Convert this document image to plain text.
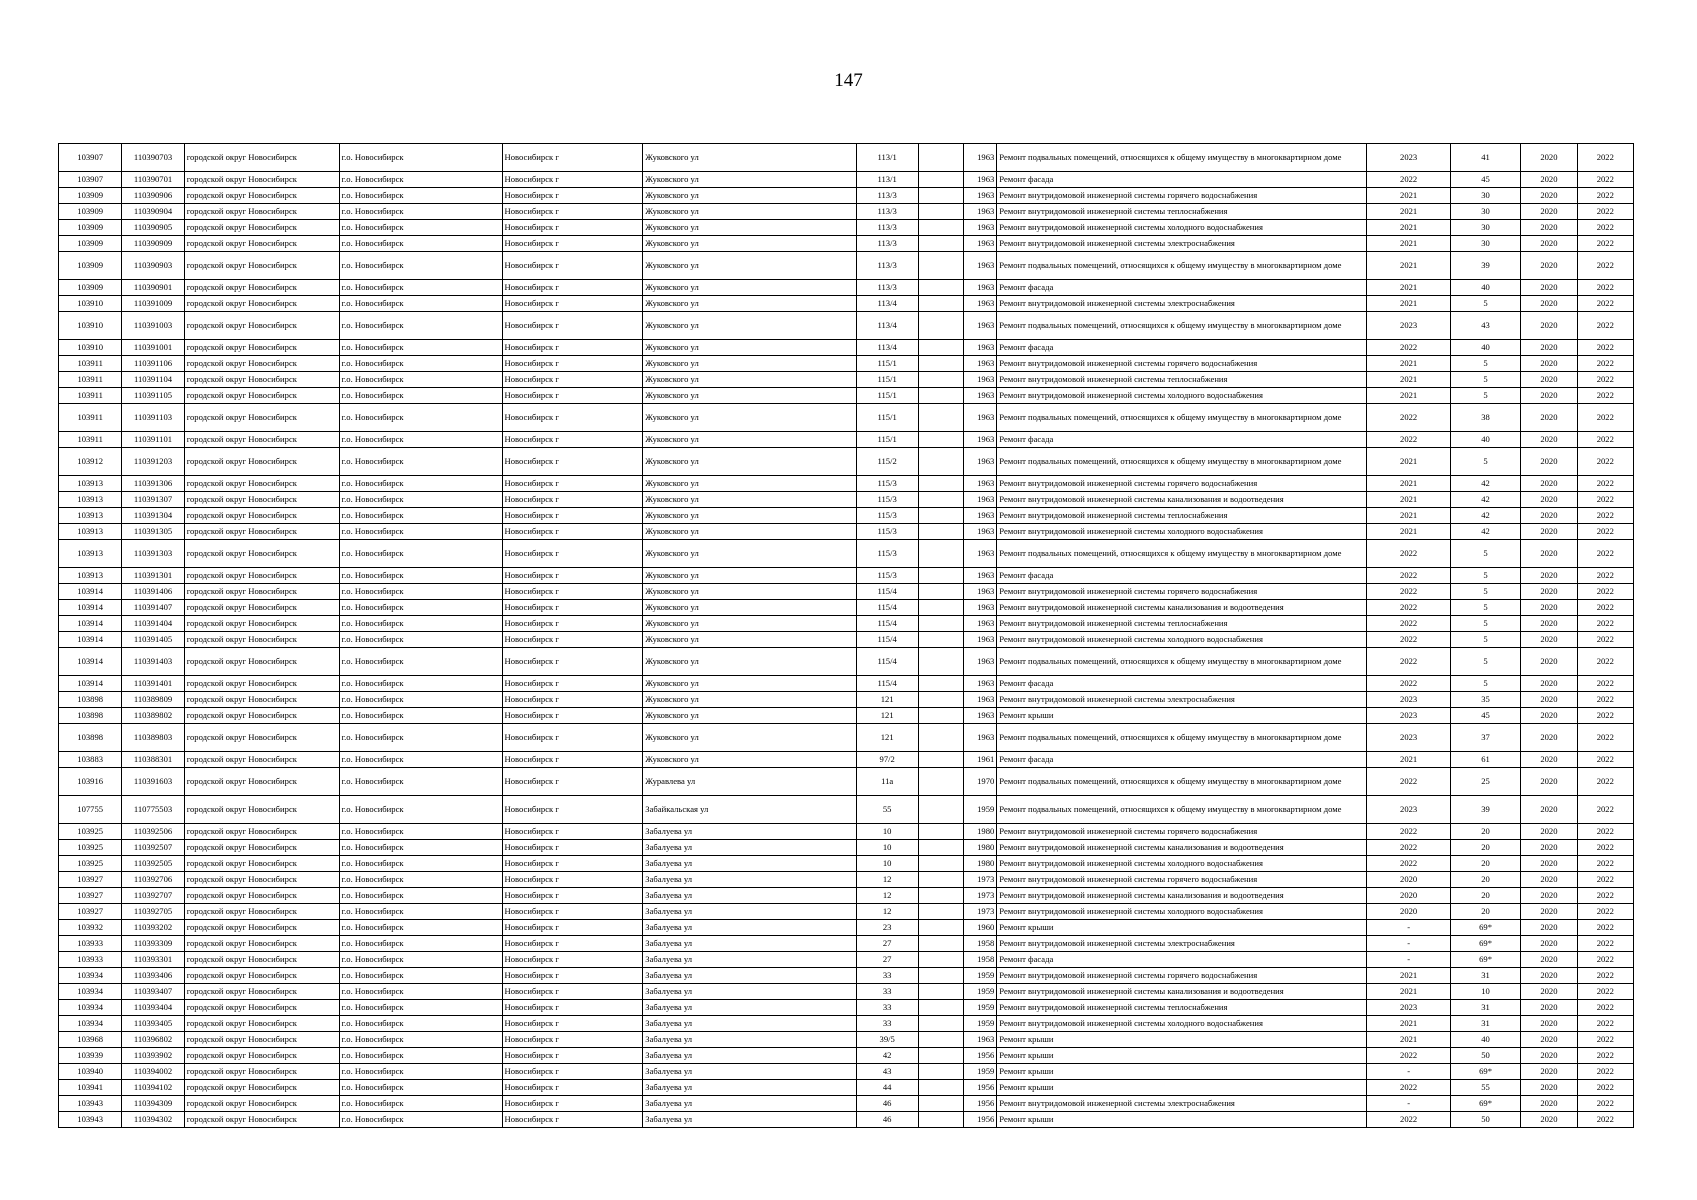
147
103907	110390703	городской округ Новосибирск	г.о. Новосибирск	Новосибирск г	Жуковского ул	113/1		1963	Ремонт подвальных помещений, относящихся к общему имуществу в многоквартирном доме	2023	41	2020	2022
103907	110390701	городской округ Новосибирск	г.о. Новосибирск	Новосибирск г	Жуковского ул	113/1		1963	Ремонт фасада	2022	45	2020	2022
103909	110390906	городской округ Новосибирск	г.о. Новосибирск	Новосибирск г	Жуковского ул	113/3		1963	Ремонт внутридомовой инженерной системы горячего водоснабжения	2021	30	2020	2022
103909	110390904	городской округ Новосибирск	г.о. Новосибирск	Новосибирск г	Жуковского ул	113/3		1963	Ремонт внутридомовой инженерной системы теплоснабжения	2021	30	2020	2022
103909	110390905	городской округ Новосибирск	г.о. Новосибирск	Новосибирск г	Жуковского ул	113/3		1963	Ремонт внутридомовой инженерной системы холодного водоснабжения	2021	30	2020	2022
103909	110390909	городской округ Новосибирск	г.о. Новосибирск	Новосибирск г	Жуковского ул	113/3		1963	Ремонт внутридомовой инженерной системы электроснабжения	2021	30	2020	2022
103909	110390903	городской округ Новосибирск	г.о. Новосибирск	Новосибирск г	Жуковского ул	113/3		1963	Ремонт подвальных помещений, относящихся к общему имуществу в многоквартирном доме	2021	39	2020	2022
103909	110390901	городской округ Новосибирск	г.о. Новосибирск	Новосибирск г	Жуковского ул	113/3		1963	Ремонт фасада	2021	40	2020	2022
103910	110391009	городской округ Новосибирск	г.о. Новосибирск	Новосибирск г	Жуковского ул	113/4		1963	Ремонт внутридомовой инженерной системы электроснабжения	2021	5	2020	2022
103910	110391003	городской округ Новосибирск	г.о. Новосибирск	Новосибирск г	Жуковского ул	113/4		1963	Ремонт подвальных помещений, относящихся к общему имуществу в многоквартирном доме	2023	43	2020	2022
103910	110391001	городской округ Новосибирск	г.о. Новосибирск	Новосибирск г	Жуковского ул	113/4		1963	Ремонт фасада	2022	40	2020	2022
103911	110391106	городской округ Новосибирск	г.о. Новосибирск	Новосибирск г	Жуковского ул	115/1		1963	Ремонт внутридомовой инженерной системы горячего водоснабжения	2021	5	2020	2022
103911	110391104	городской округ Новосибирск	г.о. Новосибирск	Новосибирск г	Жуковского ул	115/1		1963	Ремонт внутридомовой инженерной системы теплоснабжения	2021	5	2020	2022
103911	110391105	городской округ Новосибирск	г.о. Новосибирск	Новосибирск г	Жуковского ул	115/1		1963	Ремонт внутридомовой инженерной системы холодного водоснабжения	2021	5	2020	2022
103911	110391103	городской округ Новосибирск	г.о. Новосибирск	Новосибирск г	Жуковского ул	115/1		1963	Ремонт подвальных помещений, относящихся к общему имуществу в многоквартирном доме	2022	38	2020	2022
103911	110391101	городской округ Новосибирск	г.о. Новосибирск	Новосибирск г	Жуковского ул	115/1		1963	Ремонт фасада	2022	40	2020	2022
103912	110391203	городской округ Новосибирск	г.о. Новосибирск	Новосибирск г	Жуковского ул	115/2		1963	Ремонт подвальных помещений, относящихся к общему имуществу в многоквартирном доме	2021	5	2020	2022
103913	110391306	городской округ Новосибирск	г.о. Новосибирск	Новосибирск г	Жуковского ул	115/3		1963	Ремонт внутридомовой инженерной системы горячего водоснабжения	2021	42	2020	2022
103913	110391307	городской округ Новосибирск	г.о. Новосибирск	Новосибирск г	Жуковского ул	115/3		1963	Ремонт внутридомовой инженерной системы канализования и водоотведения	2021	42	2020	2022
103913	110391304	городской округ Новосибирск	г.о. Новосибирск	Новосибирск г	Жуковского ул	115/3		1963	Ремонт внутридомовой инженерной системы теплоснабжения	2021	42	2020	2022
103913	110391305	городской округ Новосибирск	г.о. Новосибирск	Новосибирск г	Жуковского ул	115/3		1963	Ремонт внутридомовой инженерной системы холодного водоснабжения	2021	42	2020	2022
103913	110391303	городской округ Новосибирск	г.о. Новосибирск	Новосибирск г	Жуковского ул	115/3		1963	Ремонт подвальных помещений, относящихся к общему имуществу в многоквартирном доме	2022	5	2020	2022
103913	110391301	городской округ Новосибирск	г.о. Новосибирск	Новосибирск г	Жуковского ул	115/3		1963	Ремонт фасада	2022	5	2020	2022
103914	110391406	городской округ Новосибирск	г.о. Новосибирск	Новосибирск г	Жуковского ул	115/4		1963	Ремонт внутридомовой инженерной системы горячего водоснабжения	2022	5	2020	2022
103914	110391407	городской округ Новосибирск	г.о. Новосибирск	Новосибирск г	Жуковского ул	115/4		1963	Ремонт внутридомовой инженерной системы канализования и водоотведения	2022	5	2020	2022
103914	110391404	городской округ Новосибирск	г.о. Новосибирск	Новосибирск г	Жуковского ул	115/4		1963	Ремонт внутридомовой инженерной системы теплоснабжения	2022	5	2020	2022
103914	110391405	городской округ Новосибирск	г.о. Новосибирск	Новосибирск г	Жуковского ул	115/4		1963	Ремонт внутридомовой инженерной системы холодного водоснабжения	2022	5	2020	2022
103914	110391403	городской округ Новосибирск	г.о. Новосибирск	Новосибирск г	Жуковского ул	115/4		1963	Ремонт подвальных помещений, относящихся к общему имуществу в многоквартирном доме	2022	5	2020	2022
103914	110391401	городской округ Новосибирск	г.о. Новосибирск	Новосибирск г	Жуковского ул	115/4		1963	Ремонт фасада	2022	5	2020	2022
103898	110389809	городской округ Новосибирск	г.о. Новосибирск	Новосибирск г	Жуковского ул	121		1963	Ремонт внутридомовой инженерной системы электроснабжения	2023	35	2020	2022
103898	110389802	городской округ Новосибирск	г.о. Новосибирск	Новосибирск г	Жуковского ул	121		1963	Ремонт крыши	2023	45	2020	2022
103898	110389803	городской округ Новосибирск	г.о. Новосибирск	Новосибирск г	Жуковского ул	121		1963	Ремонт подвальных помещений, относящихся к общему имуществу в многоквартирном доме	2023	37	2020	2022
103883	110388301	городской округ Новосибирск	г.о. Новосибирск	Новосибирск г	Жуковского ул	97/2		1961	Ремонт фасада	2021	61	2020	2022
103916	110391603	городской округ Новосибирск	г.о. Новосибирск	Новосибирск г	Журавлева ул	11а		1970	Ремонт подвальных помещений, относящихся к общему имуществу в многоквартирном доме	2022	25	2020	2022
107755	110775503	городской округ Новосибирск	г.о. Новосибирск	Новосибирск г	Забайкальская ул	55		1959	Ремонт подвальных помещений, относящихся к общему имуществу в многоквартирном доме	2023	39	2020	2022
103925	110392506	городской округ Новосибирск	г.о. Новосибирск	Новосибирск г	Забалуева ул	10		1980	Ремонт внутридомовой инженерной системы горячего водоснабжения	2022	20	2020	2022
103925	110392507	городской округ Новосибирск	г.о. Новосибирск	Новосибирск г	Забалуева ул	10		1980	Ремонт внутридомовой инженерной системы канализования и водоотведения	2022	20	2020	2022
103925	110392505	городской округ Новосибирск	г.о. Новосибирск	Новосибирск г	Забалуева ул	10		1980	Ремонт внутридомовой инженерной системы холодного водоснабжения	2022	20	2020	2022
103927	110392706	городской округ Новосибирск	г.о. Новосибирск	Новосибирск г	Забалуева ул	12		1973	Ремонт внутридомовой инженерной системы горячего водоснабжения	2020	20	2020	2022
103927	110392707	городской округ Новосибирск	г.о. Новосибирск	Новосибирск г	Забалуева ул	12		1973	Ремонт внутридомовой инженерной системы канализования и водоотведения	2020	20	2020	2022
103927	110392705	городской округ Новосибирск	г.о. Новосибирск	Новосибирск г	Забалуева ул	12		1973	Ремонт внутридомовой инженерной системы холодного водоснабжения	2020	20	2020	2022
103932	110393202	городской округ Новосибирск	г.о. Новосибирск	Новосибирск г	Забалуева ул	23		1960	Ремонт крыши	-	69*	2020	2022
103933	110393309	городской округ Новосибирск	г.о. Новосибирск	Новосибирск г	Забалуева ул	27		1958	Ремонт внутридомовой инженерной системы электроснабжения	-	69*	2020	2022
103933	110393301	городской округ Новосибирск	г.о. Новосибирск	Новосибирск г	Забалуева ул	27		1958	Ремонт фасада	-	69*	2020	2022
103934	110393406	городской округ Новосибирск	г.о. Новосибирск	Новосибирск г	Забалуева ул	33		1959	Ремонт внутридомовой инженерной системы горячего водоснабжения	2021	31	2020	2022
103934	110393407	городской округ Новосибирск	г.о. Новосибирск	Новосибирск г	Забалуева ул	33		1959	Ремонт внутридомовой инженерной системы канализования и водоотведения	2021	10	2020	2022
103934	110393404	городской округ Новосибирск	г.о. Новосибирск	Новосибирск г	Забалуева ул	33		1959	Ремонт внутридомовой инженерной системы теплоснабжения	2023	31	2020	2022
103934	110393405	городской округ Новосибирск	г.о. Новосибирск	Новосибирск г	Забалуева ул	33		1959	Ремонт внутридомовой инженерной системы холодного водоснабжения	2021	31	2020	2022
103968	110396802	городской округ Новосибирск	г.о. Новосибирск	Новосибирск г	Забалуева ул	39/5		1963	Ремонт крыши	2021	40	2020	2022
103939	110393902	городской округ Новосибирск	г.о. Новосибирск	Новосибирск г	Забалуева ул	42		1956	Ремонт крыши	2022	50	2020	2022
103940	110394002	городской округ Новосибирск	г.о. Новосибирск	Новосибирск г	Забалуева ул	43		1959	Ремонт крыши	-	69*	2020	2022
103941	110394102	городской округ Новосибирск	г.о. Новосибирск	Новосибирск г	Забалуева ул	44		1956	Ремонт крыши	2022	55	2020	2022
103943	110394309	городской округ Новосибирск	г.о. Новосибирск	Новосибирск г	Забалуева ул	46		1956	Ремонт внутридомовой инженерной системы электроснабжения	-	69*	2020	2022
103943	110394302	городской округ Новосибирск	г.о. Новосибирск	Новосибирск г	Забалуева ул	46		1956	Ремонт крыши	2022	50	2020	2022
